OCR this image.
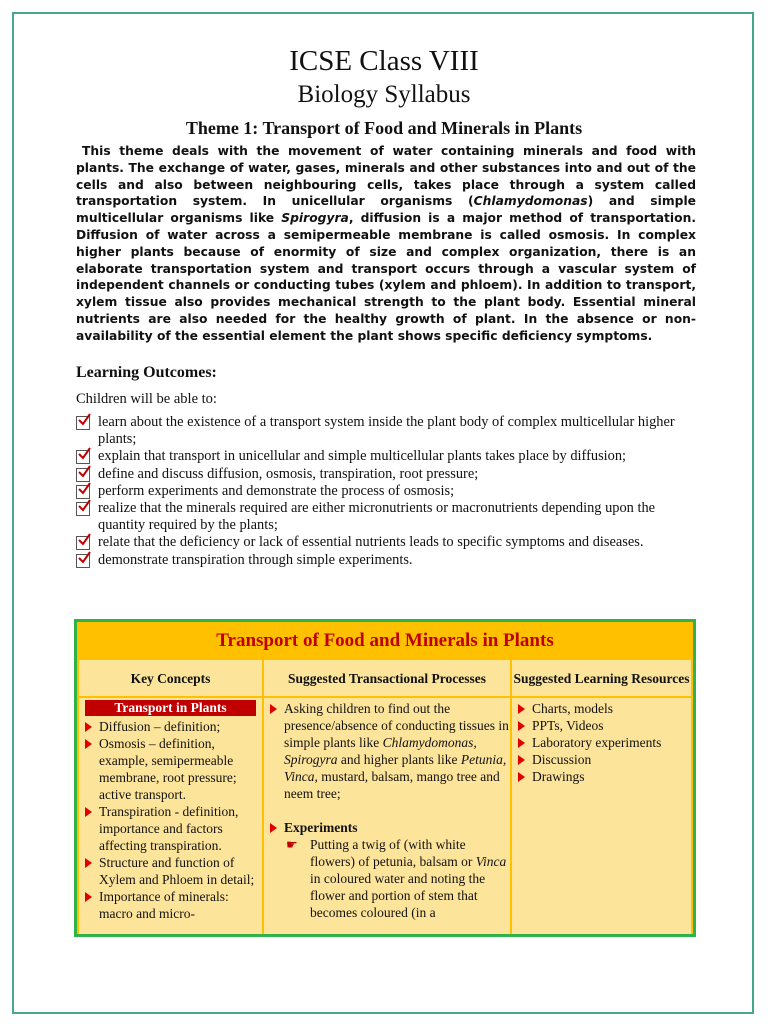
ICSE Class VIII
Biology Syllabus
Theme 1: Transport of Food and Minerals in Plants
This theme deals with the movement of water containing minerals and food with plants. The exchange of water, gases, minerals and other substances into and out of the cells and also between neighbouring cells, takes place through a system called transportation system. In unicellular organisms (Chlamydomonas) and simple multicellular organisms like Spirogyra, diffusion is a major method of transportation. Diffusion of water across a semipermeable membrane is called osmosis. In complex higher plants because of enormity of size and complex organization, there is an elaborate transportation system and transport occurs through a vascular system of independent channels or conducting tubes (xylem and phloem). In addition to transport, xylem tissue also provides mechanical strength to the plant body. Essential mineral nutrients are also needed for the healthy growth of plant. In the absence or non-availability of the essential element the plant shows specific deficiency symptoms.
Learning Outcomes:
Children will be able to:
learn about the existence of a transport system inside the plant body of complex multicellular higher plants;
explain that transport in unicellular and simple multicellular plants takes place by diffusion;
define and discuss diffusion, osmosis, transpiration, root pressure;
perform experiments and demonstrate the process of osmosis;
realize that the minerals required are either micronutrients or macronutrients depending upon the quantity required by the plants;
relate that the deficiency or lack of essential nutrients leads to specific symptoms and diseases.
demonstrate transpiration through simple experiments.
Transport of Food and Minerals in Plants
Key Concepts	Suggested Transactional Processes	Suggested Learning Resources
Transport in Plants
Diffusion – definition;
Osmosis – definition, example, semipermeable membrane, root pressure; active transport.
Transpiration - definition, importance and factors affecting transpiration.
Structure and function of Xylem and Phloem in detail;
Importance of minerals: macro and micro-
Asking children to find out the presence/absence of conducting tissues in simple plants like Chlamydomonas, Spirogyra and higher plants like Petunia, Vinca, mustard, balsam, mango tree and neem tree;
Experiments
☛ Putting a twig of (with white flowers) of petunia, balsam or Vinca in coloured water and noting the flower and portion of stem that becomes coloured (in a
Charts, models
PPTs, Videos
Laboratory experiments
Discussion
Drawings
